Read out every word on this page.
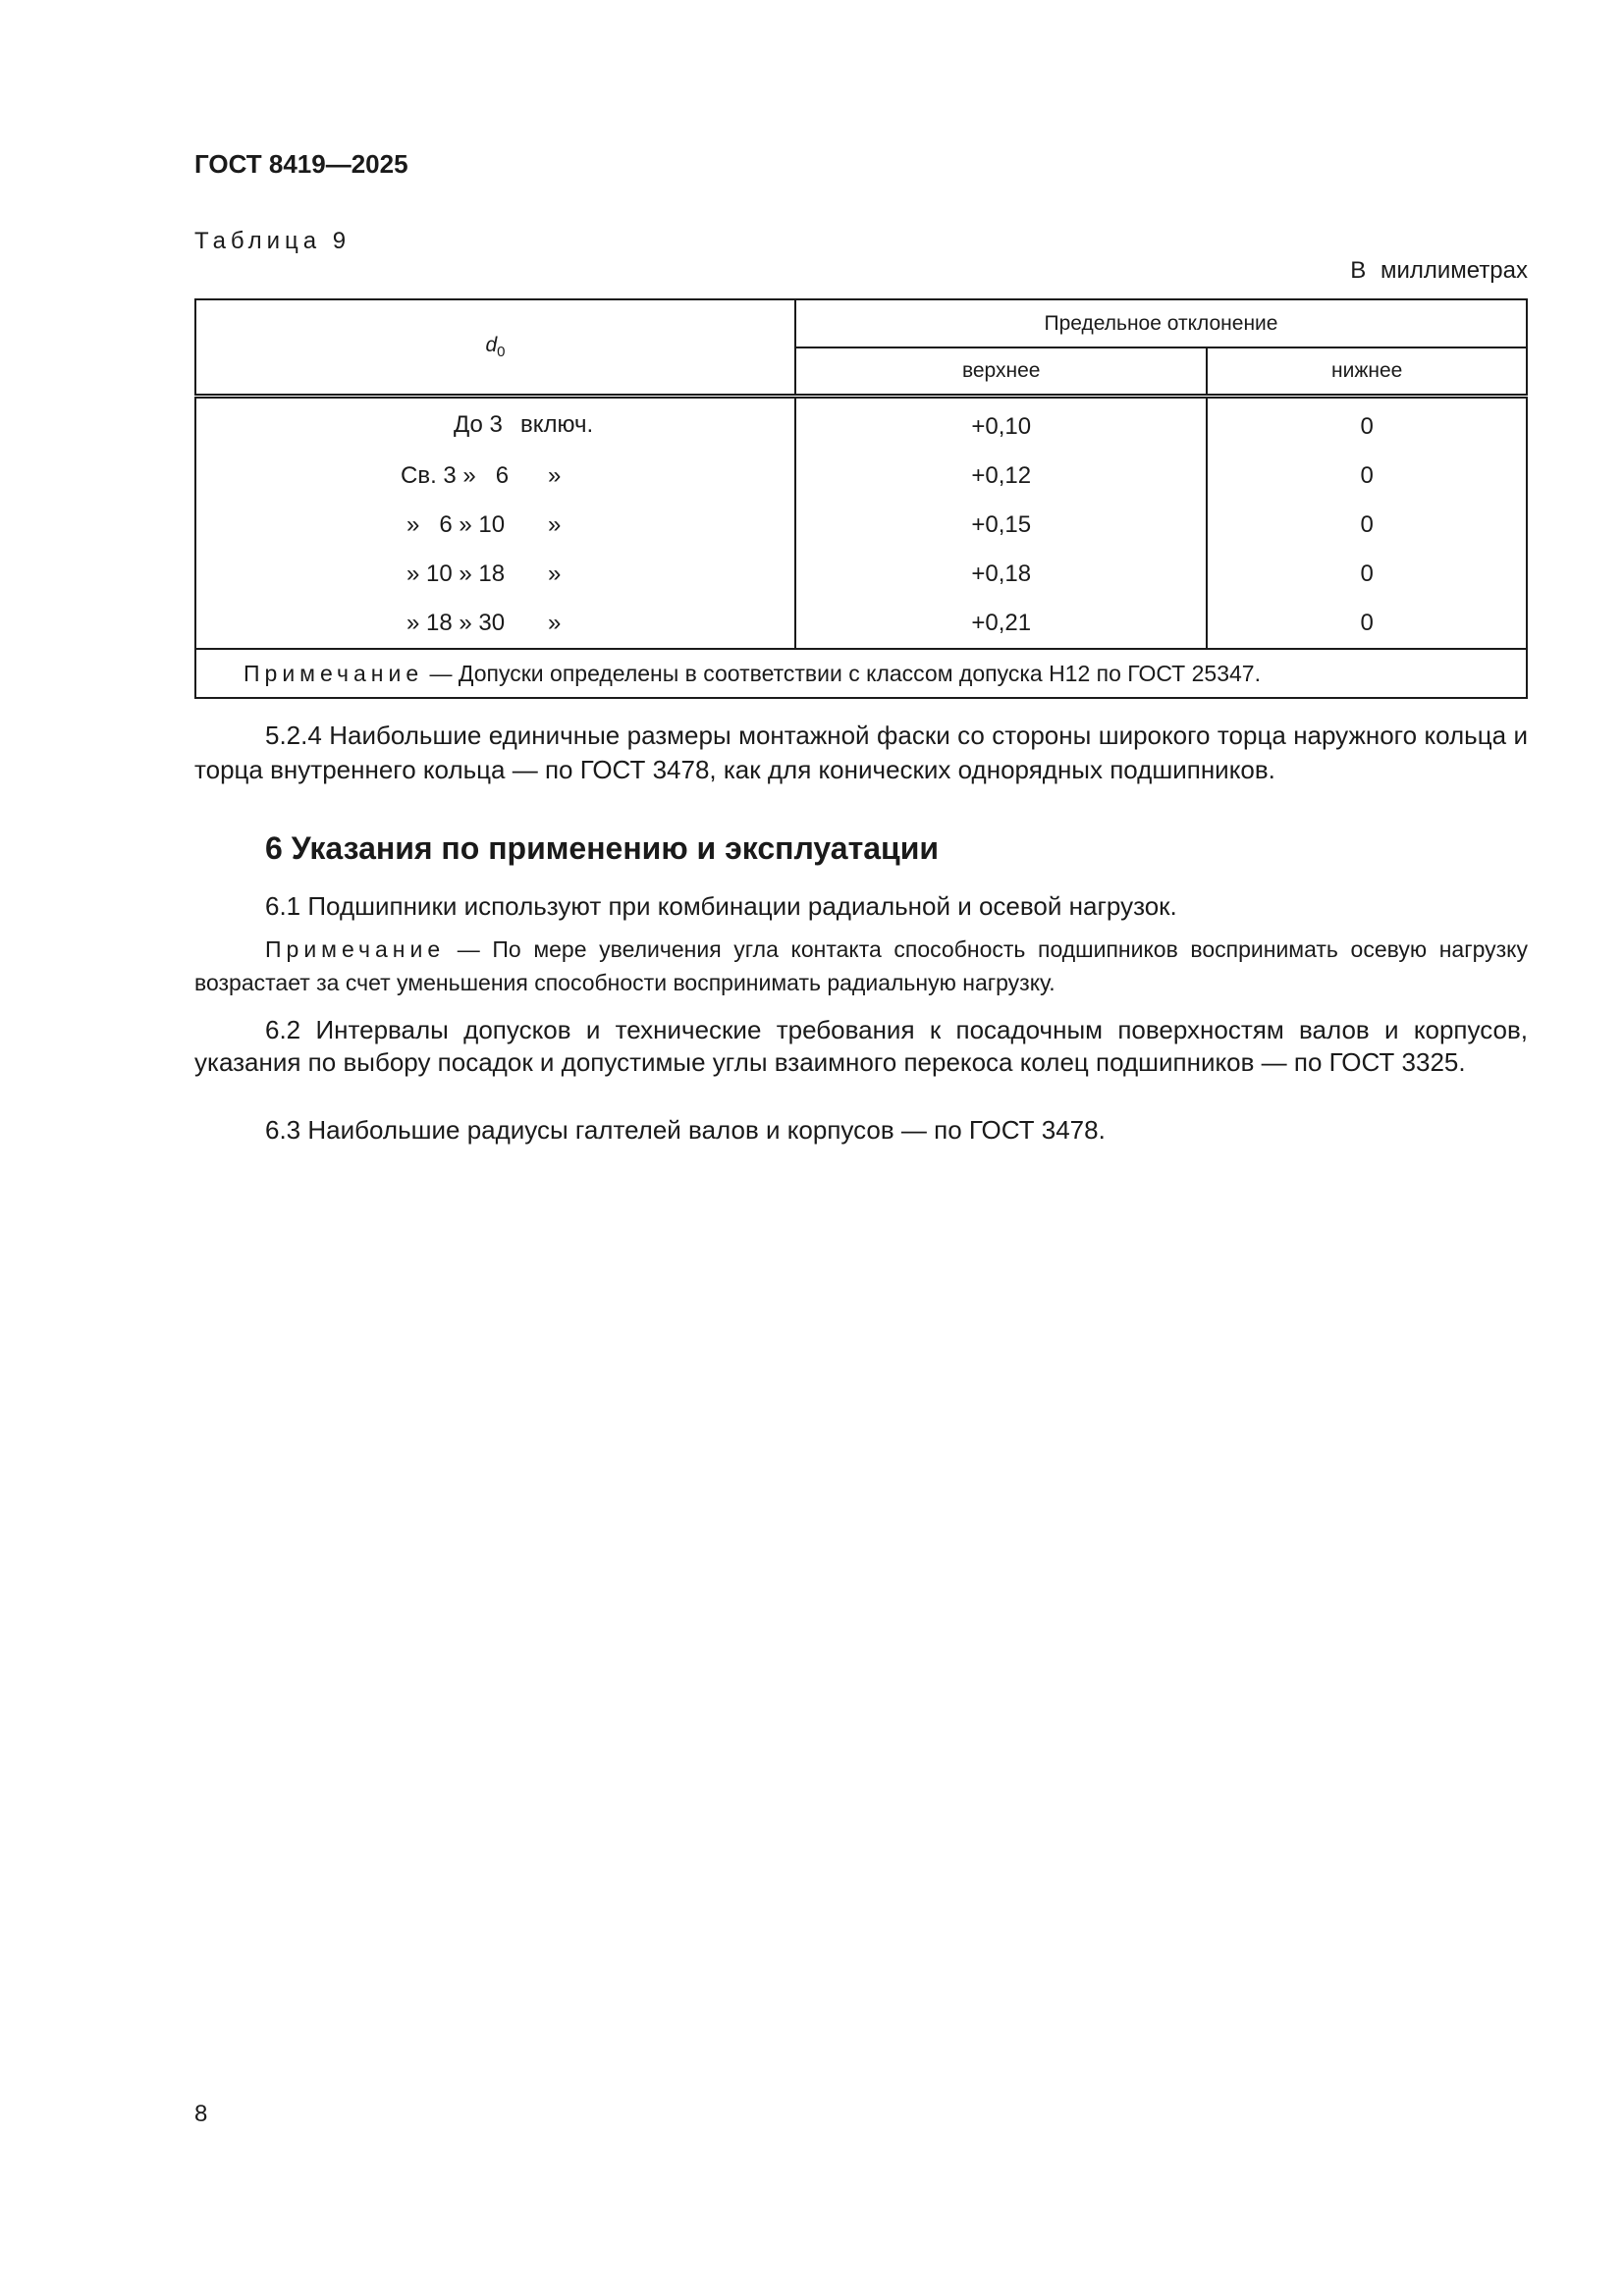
ГОСТ 8419—2025
Таблица 9
В миллиметрах
$d_0$	Предельное отклонение	
	верхнее	нижнее

До 3 включ.	+0,10	0

Св. 3 »   6 »	+0,12	0

»   6 » 10 »	+0,15	0

» 10 » 18 »	+0,18	0

» 18 » 30 »	+0,21	0
Примечание — Допуски определены в соответствии с классом допуска H12 по ГОСТ 25347.		
5.2.4 Наибольшие единичные размеры монтажной фаски со стороны широкого торца наружного кольца и торца внутреннего кольца — по ГОСТ 3478, как для конических однорядных подшипников.
6 Указания по применению и эксплуатации
6.1 Подшипники используют при комбинации радиальной и осевой нагрузок.
Примечание — По мере увеличения угла контакта способность подшипников воспринимать осевую нагрузку возрастает за счет уменьшения способности воспринимать радиальную нагрузку.
6.2 Интервалы допусков и технические требования к посадочным поверхностям валов и корпусов, указания по выбору посадок и допустимые углы взаимного перекоса колец подшипников — по ГОСТ 3325.
6.3 Наибольшие радиусы галтелей валов и корпусов — по ГОСТ 3478.
8
